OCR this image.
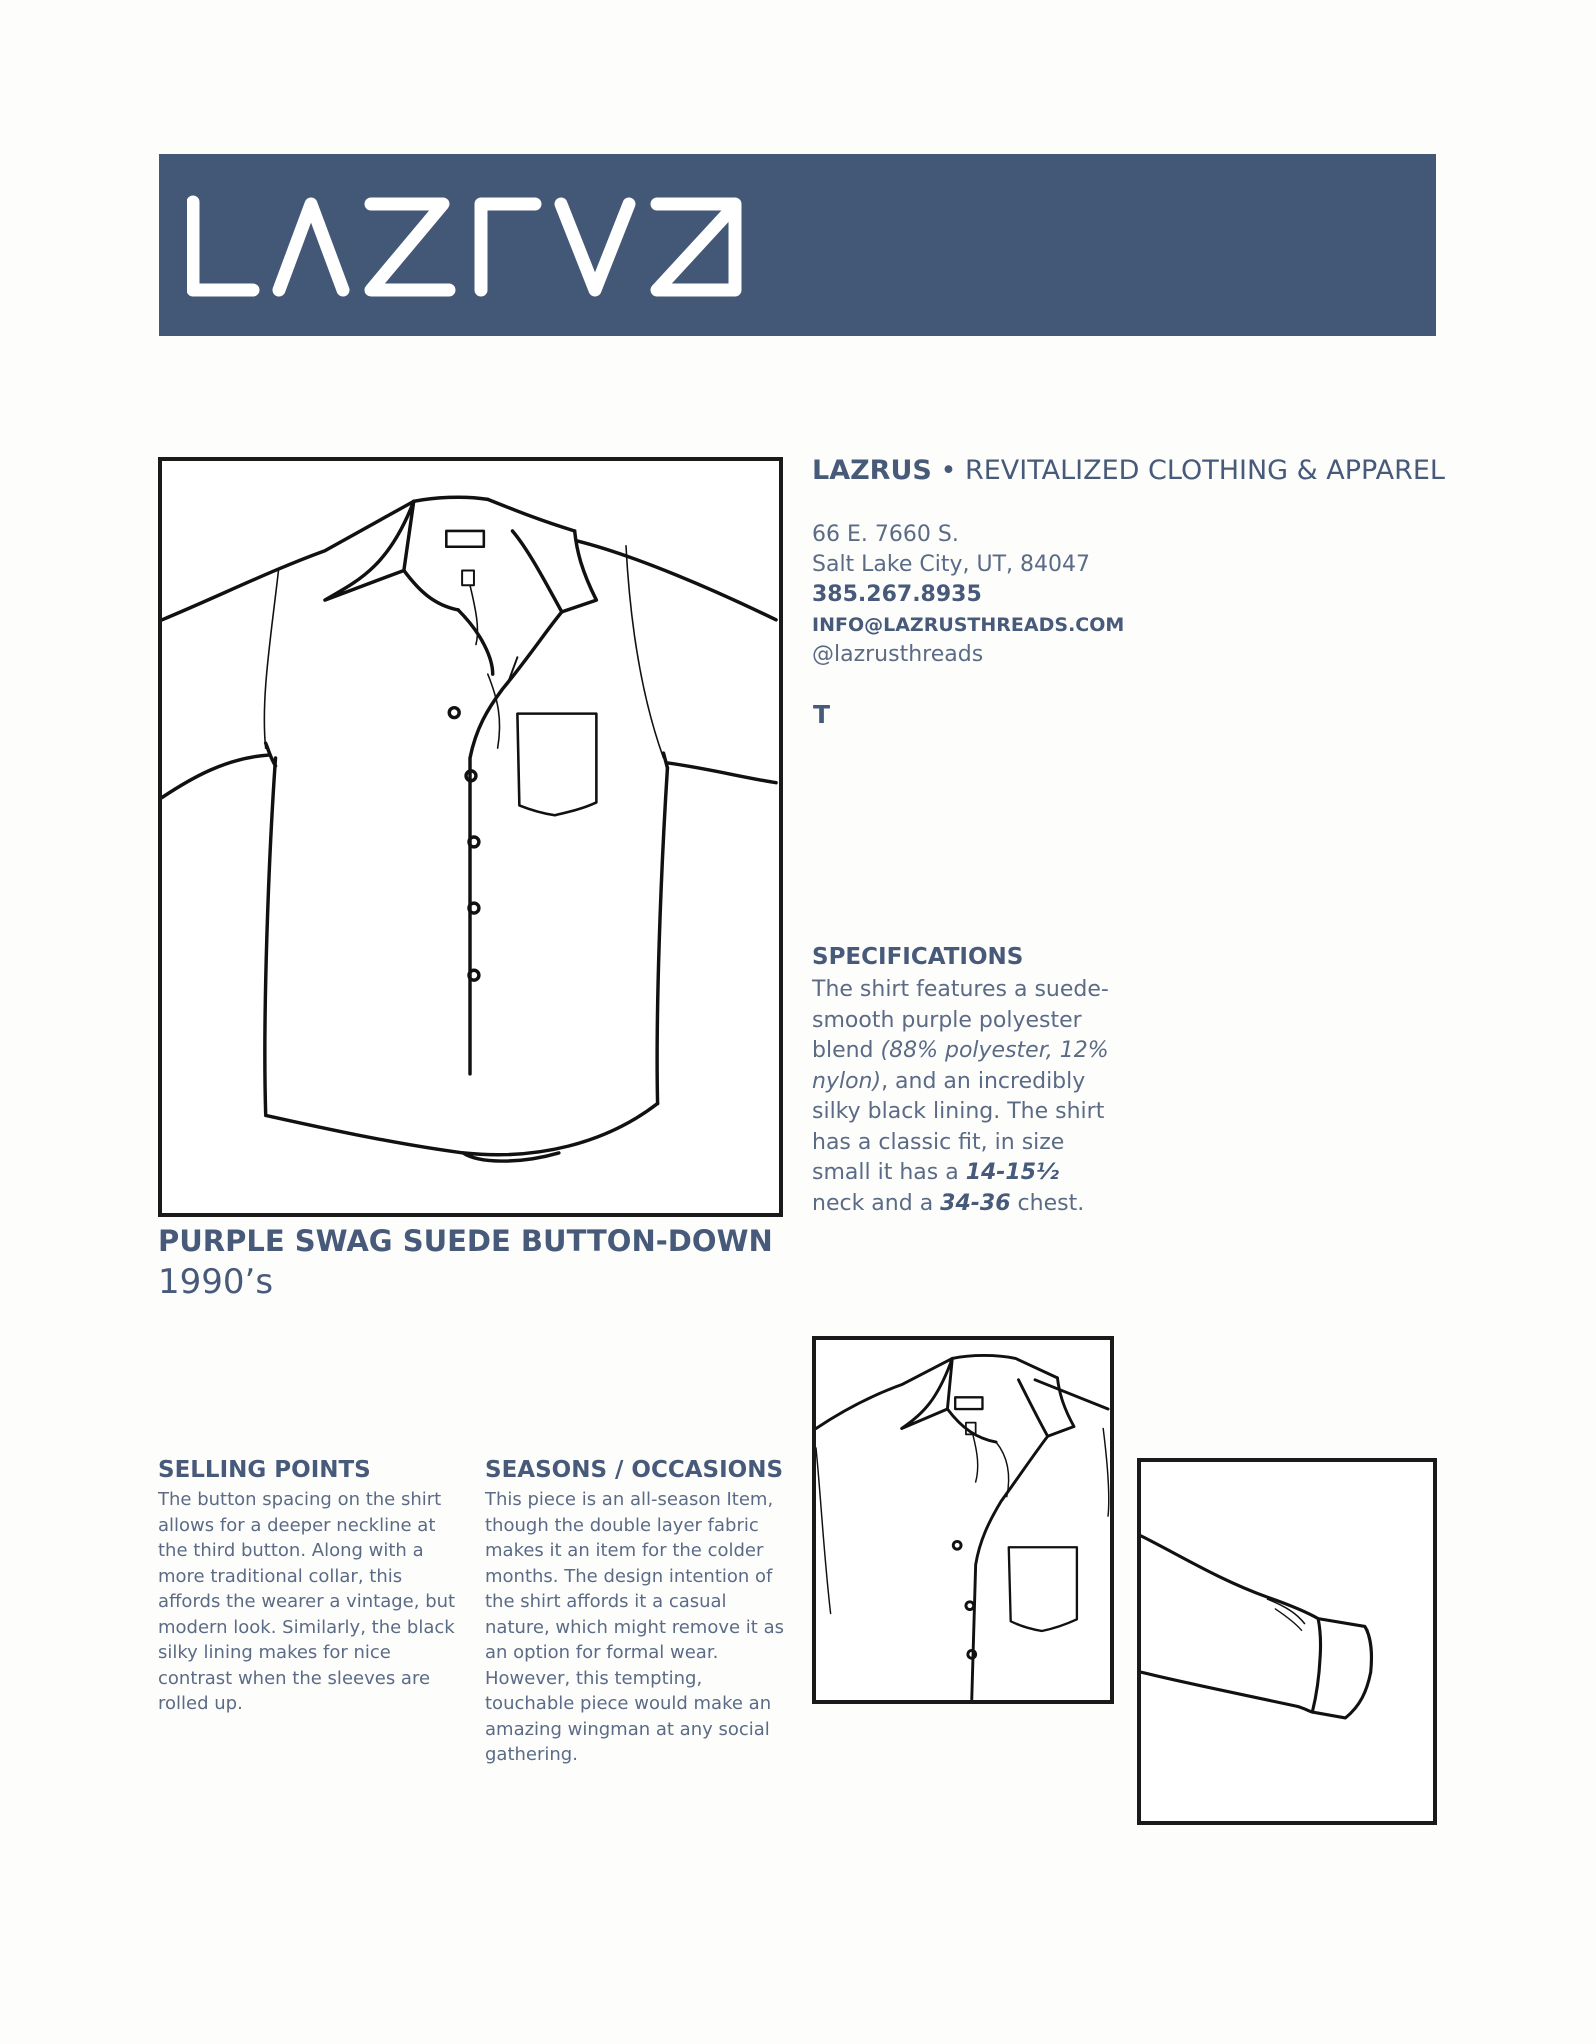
LAZRUS • REVITALIZED CLOTHING & APPAREL
66 E. 7660 S.
Salt Lake City, UT, 84047
385.267.8935
INFO@LAZRUSTHREADS.COM
@lazrusthreads
T
SPECIFICATIONS
The shirt features a suede-smooth purple polyester blend (88% polyester, 12% nylon), and an incredibly silky black lining. The shirt has a classic fit, in size small it has a 14-15½ neck and a 34-36 chest.
PURPLE SWAG SUEDE BUTTON-DOWN
1990’s
SELLING POINTS
The button spacing on the shirt allows for a deeper neckline at the third button. Along with a more traditional collar, this affords the wearer a vintage, but modern look. Similarly, the black silky lining makes for nice contrast when the sleeves are rolled up.
SEASONS / OCCASIONS
This piece is an all-season Item, though the double layer fabric makes it an item for the colder months. The design intention of the shirt affords it a casual nature, which might remove it as an option for formal wear. However, this tempting, touchable piece would make an amazing wingman at any social gathering.
